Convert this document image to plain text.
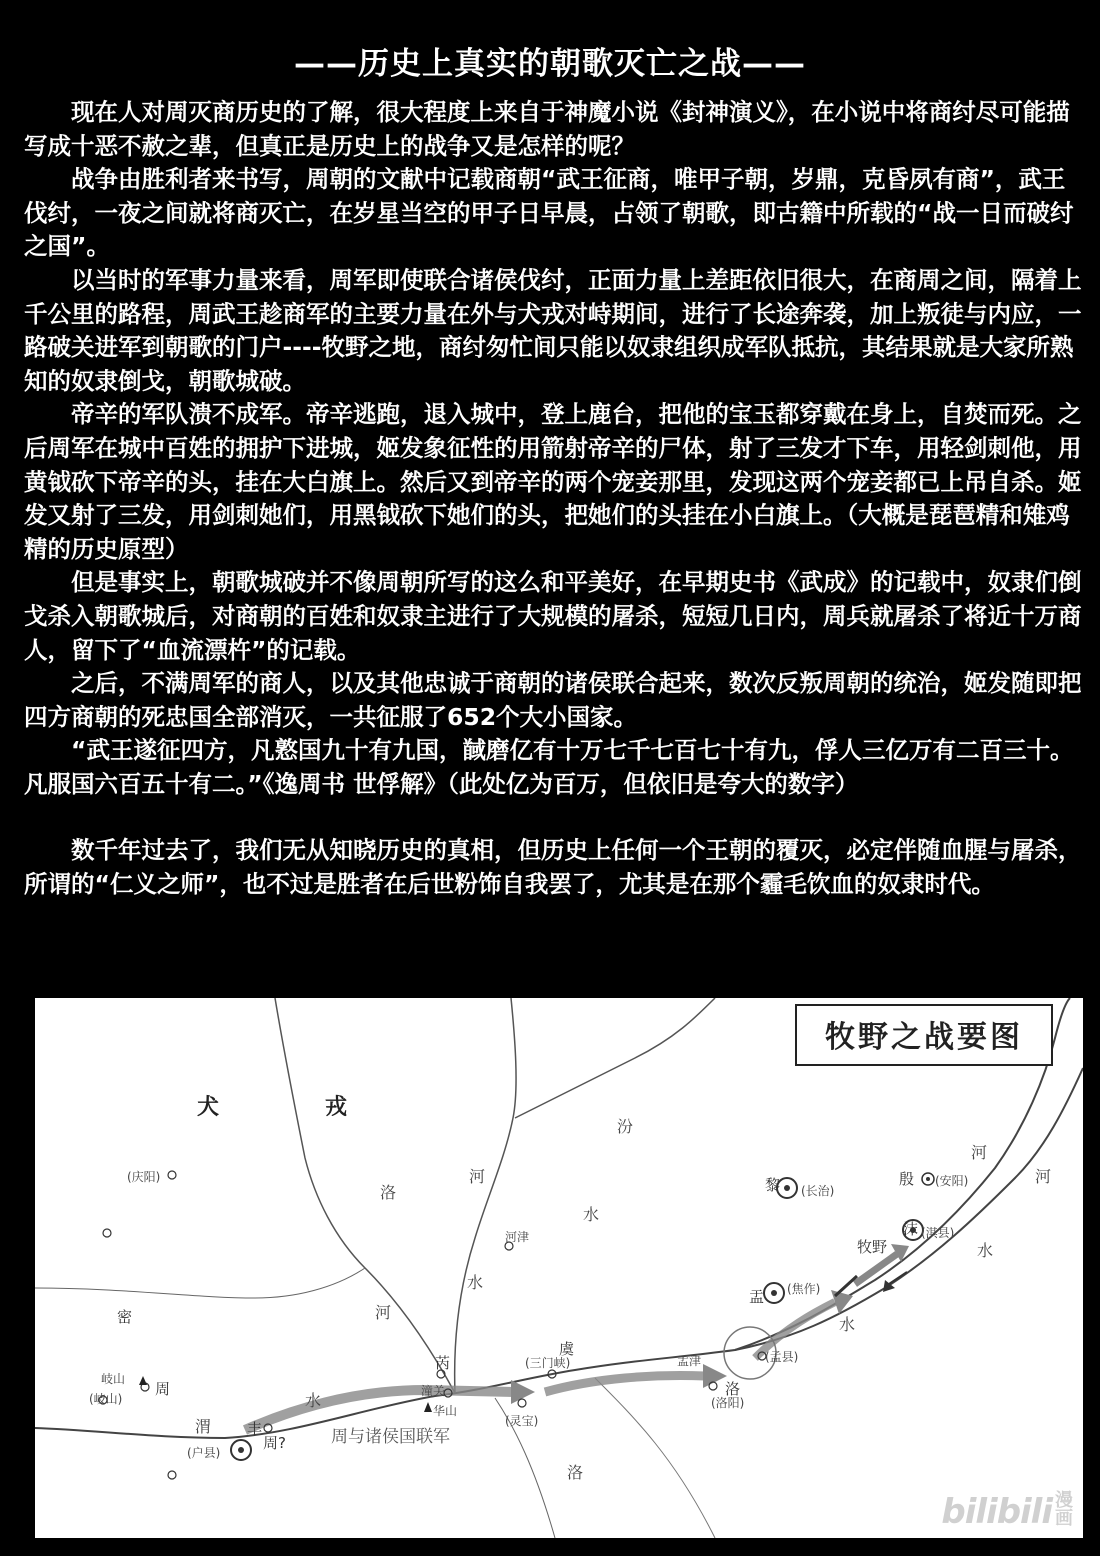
——历史上真实的朝歌灭亡之战——

现在人对周灭商历史的了解，很大程度上来自于神魔小说《封神演义》，在小说中将商纣尽可能描写成十恶不赦之辈，但真正是历史上的战争又是怎样的呢？

战争由胜利者来书写，周朝的文献中记载商朝“武王征商，唯甲子朝，岁鼎，克昏夙有商”，武王伐纣，一夜之间就将商灭亡，在岁星当空的甲子日早晨，占领了朝歌，即古籍中所载的“战一日而破纣之国”。

以当时的军事力量来看，周军即使联合诸侯伐纣，正面力量上差距依旧很大，在商周之间，隔着上千公里的路程，周武王趁商军的主要力量在外与犬戎对峙期间，进行了长途奔袭，加上叛徒与内应，一路破关进军到朝歌的门户----牧野之地，商纣匆忙间只能以奴隶组织成军队抵抗，其结果就是大家所熟知的奴隶倒戈，朝歌城破。

帝辛的军队溃不成军。帝辛逃跑，退入城中，登上鹿台，把他的宝玉都穿戴在身上，自焚而死。之后周军在城中百姓的拥护下进城，姬发象征性的用箭射帝辛的尸体，射了三发才下车，用轻剑刺他，用黄钺砍下帝辛的头，挂在大白旗上。然后又到帝辛的两个宠妾那里，发现这两个宠妾都已上吊自杀。姬发又射了三发，用剑刺她们，用黑钺砍下她们的头，把她们的头挂在小白旗上。（大概是琵琶精和雉鸡精的历史原型）

但是事实上，朝歌城破并不像周朝所写的这么和平美好，在早期史书《武成》的记载中，奴隶们倒戈杀入朝歌城后，对商朝的百姓和奴隶主进行了大规模的屠杀，短短几日内，周兵就屠杀了将近十万商人，留下了“血流漂杵”的记载。

之后，不满周军的商人，以及其他忠诚于商朝的诸侯联合起来，数次反叛周朝的统治，姬发随即把四方商朝的死忠国全部消灭，一共征服了652个大小国家。

“武王遂征四方，凡憝国九十有九国，馘磨亿有十万七千七百七十有九，俘人三亿万有二百三十。凡服国六百五十有二。”《逸周书 世俘解》（此处亿为百万，但依旧是夸大的数字）

数千年过去了，我们无从知晓历史的真相，但历史上任何一个王朝的覆灭，必定伴随血腥与屠杀，所谓的“仁义之师”，也不过是胜者在后世粉饰自我罢了，尤其是在那个霾毛饮血的奴隶时代。

牧野之战要图
犬	戎
洛
河
汾
水
河
水
河
河
水
水
渭
水
洛
(庆阳)
密
岐山
(岐山)
周
(户县)
周?
丰
河津
芮
潼关
华山
(灵宝)
虞
(三门峡)	孟津
洛
(洛阳)
盂 (焦作)
(孟县)
黎 (长治)
殷 (安阳)
牧野
沫 (淇县)
周与诸侯国联军
bilibili 漫画
